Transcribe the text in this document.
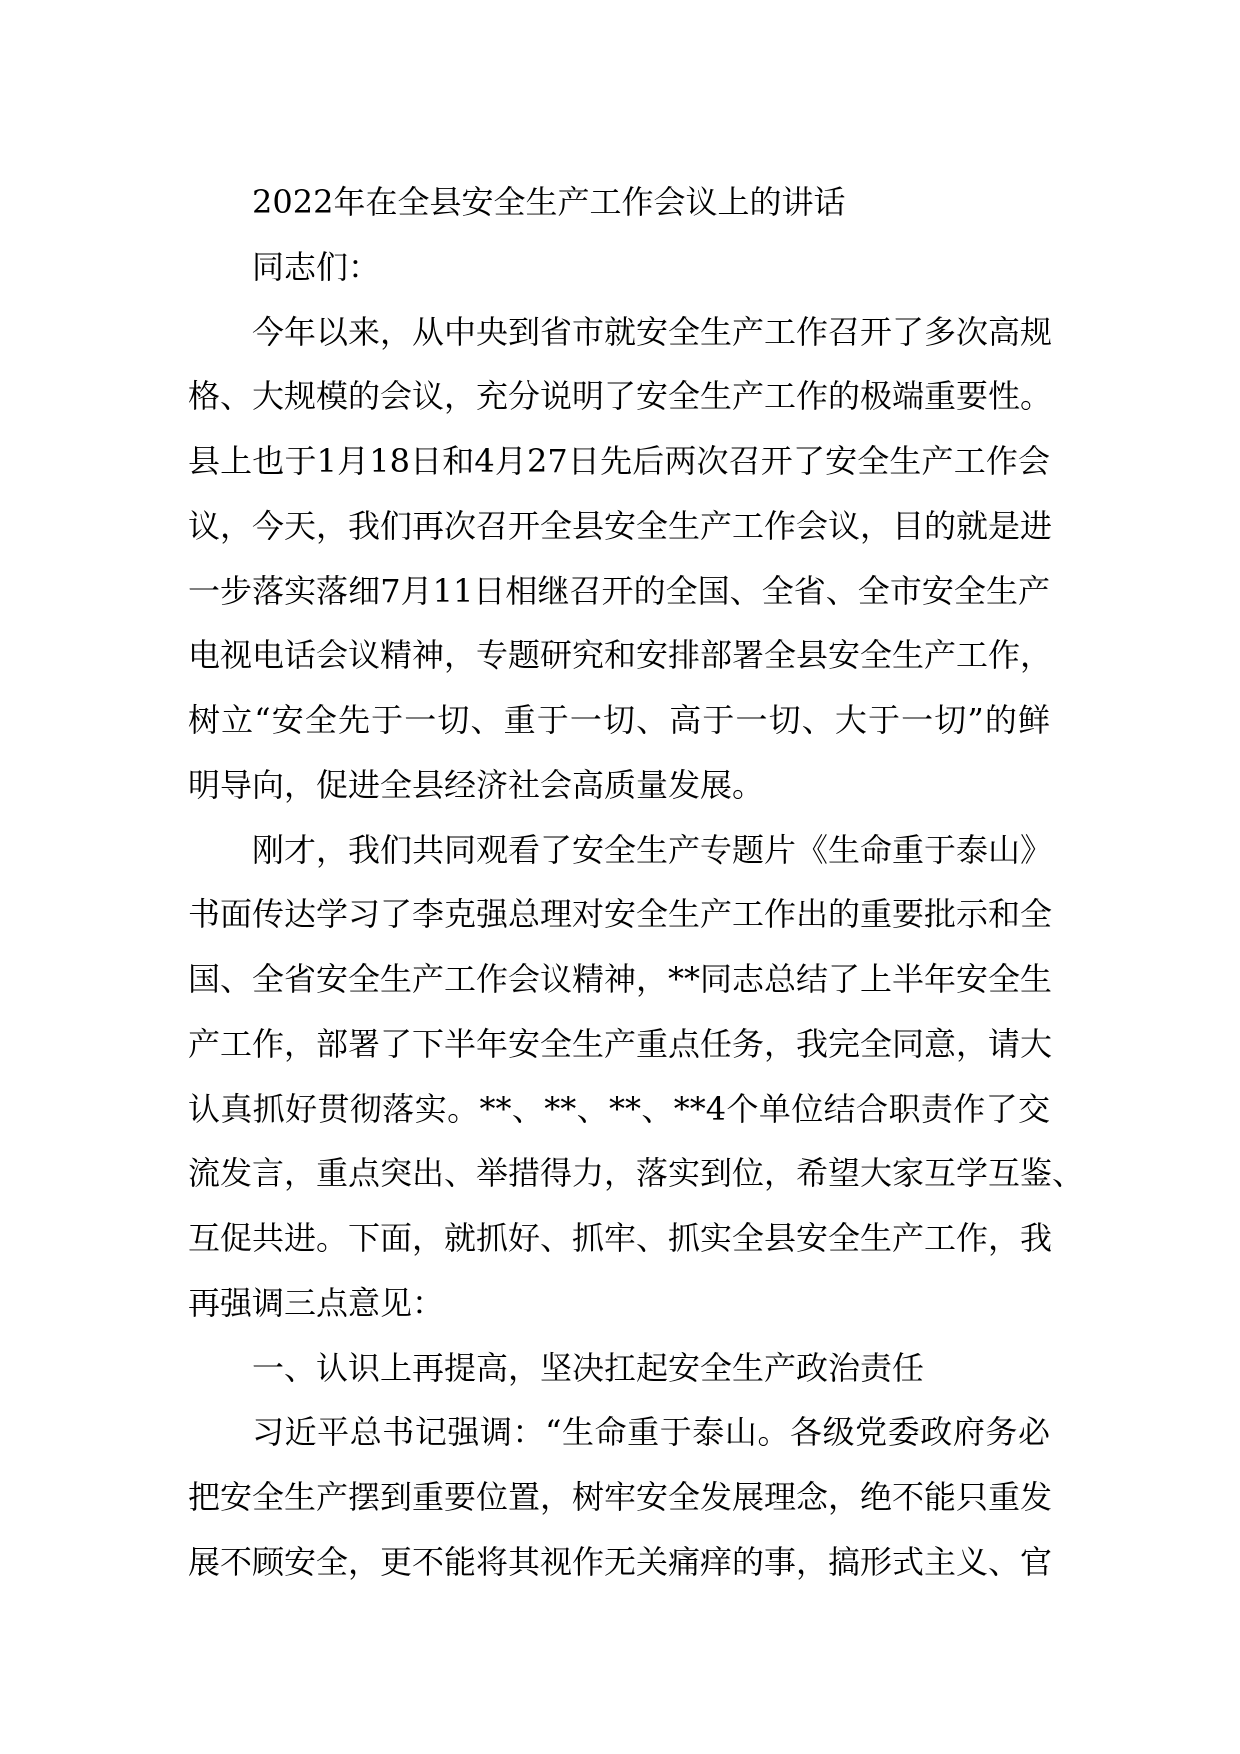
2022年在全县安全生产工作会议上的讲话
同志们：
今年以来，从中央到省市就安全生产工作召开了多次高规
格、大规模的会议，充分说明了安全生产工作的极端重要性。
县上也于1月18日和4月27日先后两次召开了安全生产工作会
议，今天，我们再次召开全县安全生产工作会议，目的就是进
一步落实落细7月11日相继召开的全国、全省、全市安全生产
电视电话会议精神，专题研究和安排部署全县安全生产工作，
树立“安全先于一切、重于一切、高于一切、大于一切”的鲜
明导向，促进全县经济社会高质量发展。
刚才，我们共同观看了安全生产专题片《生命重于泰山》
书面传达学习了李克强总理对安全生产工作出的重要批示和全
国、全省安全生产工作会议精神，**同志总结了上半年安全生
产工作，部署了下半年安全生产重点任务，我完全同意，请大
认真抓好贯彻落实。**、**、**、**4个单位结合职责作了交
流发言，重点突出、举措得力，落实到位，希望大家互学互鉴、
互促共进。下面，就抓好、抓牢、抓实全县安全生产工作，我
再强调三点意见：
一、认识上再提高，坚决扛起安全生产政治责任
习近平总书记强调：“生命重于泰山。各级党委政府务必
把安全生产摆到重要位置，树牢安全发展理念，绝不能只重发
展不顾安全，更不能将其视作无关痛痒的事，搞形式主义、官
